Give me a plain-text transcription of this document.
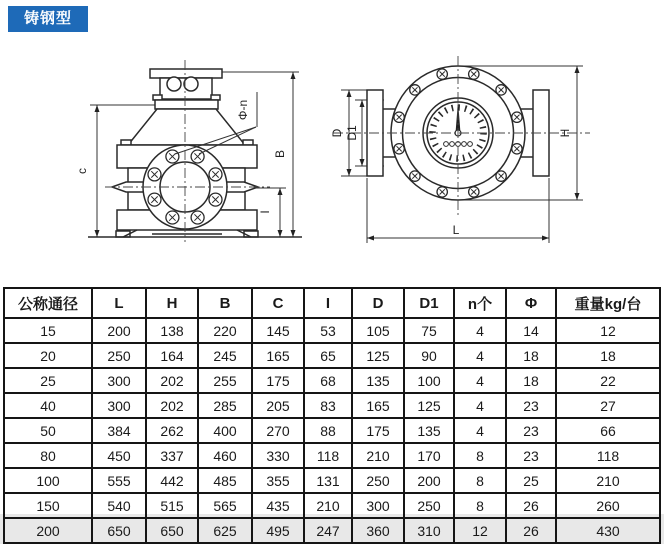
铸钢型
c
B
I
Φ-n
D D1	H
L
公称通径	L	H	B	C	I	D	D1	n个	Φ	重量kg/台
15	200	138	220	145	53	105	75	4	14	12
20	250	164	245	165	65	125	90	4	18	18
25	300	202	255	175	68	135	100	4	18	22
40	300	202	285	205	83	165	125	4	23	27
50	384	262	400	270	88	175	135	4	23	66
80	450	337	460	330	118	210	170	8	23	118
100	555	442	485	355	131	250	200	8	25	210
150	540	515	565	435	210	300	250	8	26	260
200	650	650	625	495	247	360	310	12	26	430
